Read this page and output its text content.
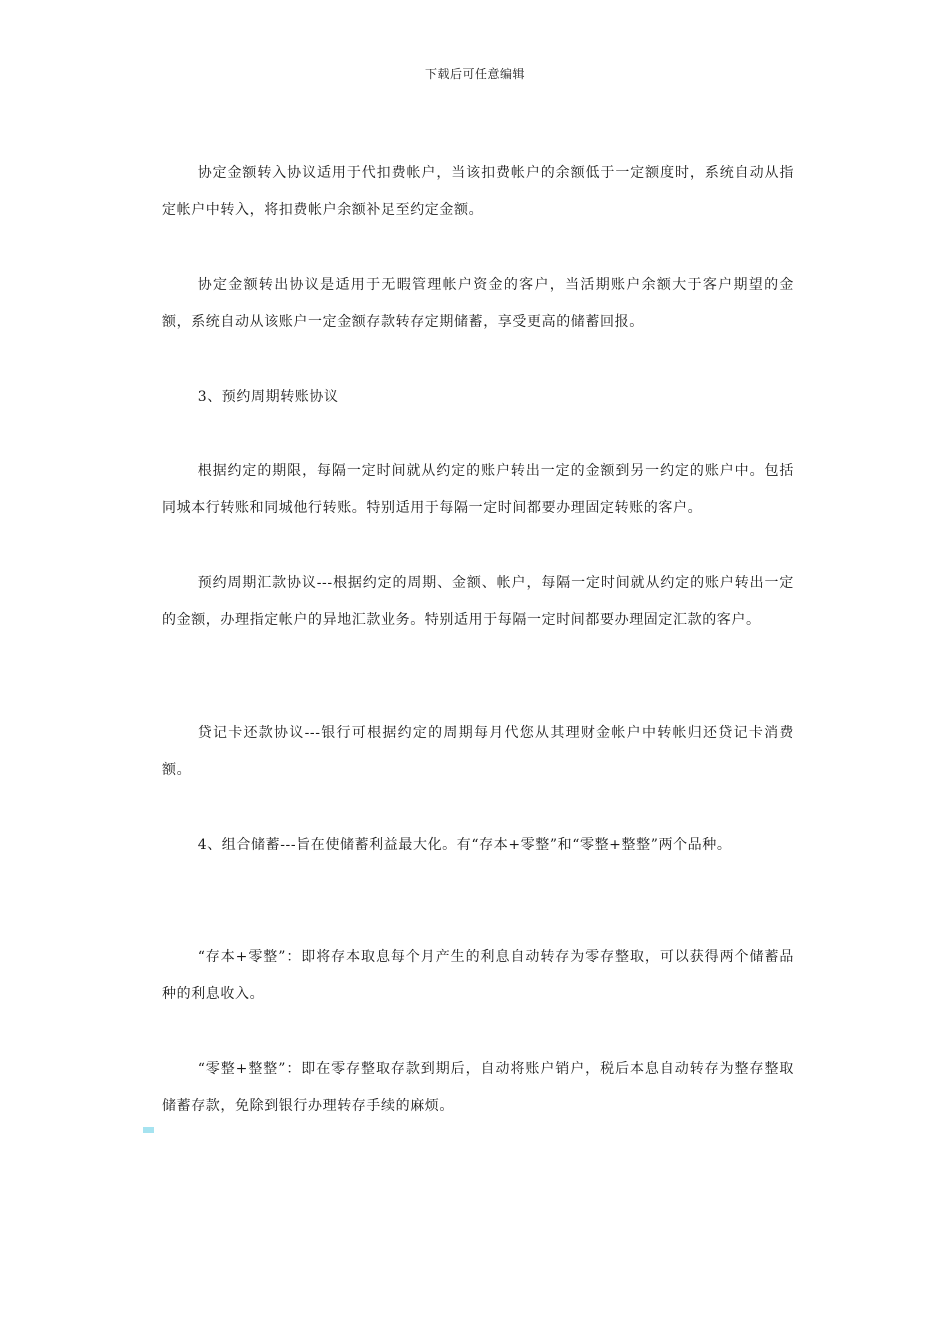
下载后可任意编辑

协定金额转入协议适用于代扣费帐户，当该扣费帐户的余额低于一定额度时，系统自动从指定帐户中转入，将扣费帐户余额补足至约定金额。

协定金额转出协议是适用于无暇管理帐户资金的客户，当活期账户余额大于客户期望的金额，系统自动从该账户一定金额存款转存定期储蓄，享受更高的储蓄回报。

3、预约周期转账协议

根据约定的期限，每隔一定时间就从约定的账户转出一定的金额到另一约定的账户中。包括同城本行转账和同城他行转账。特别适用于每隔一定时间都要办理固定转账的客户。

预约周期汇款协议---根据约定的周期、金额、帐户，每隔一定时间就从约定的账户转出一定的金额，办理指定帐户的异地汇款业务。特别适用于每隔一定时间都要办理固定汇款的客户。

贷记卡还款协议---银行可根据约定的周期每月代您从其理财金帐户中转帐归还贷记卡消费额。

4、组合储蓄---旨在使储蓄利益最大化。有“存本+零整”和“零整+整整”两个品种。

“存本+零整”：即将存本取息每个月产生的利息自动转存为零存整取，可以获得两个储蓄品种的利息收入。

“零整+整整”：即在零存整取存款到期后，自动将账户销户，税后本息自动转存为整存整取储蓄存款，免除到银行办理转存手续的麻烦。
